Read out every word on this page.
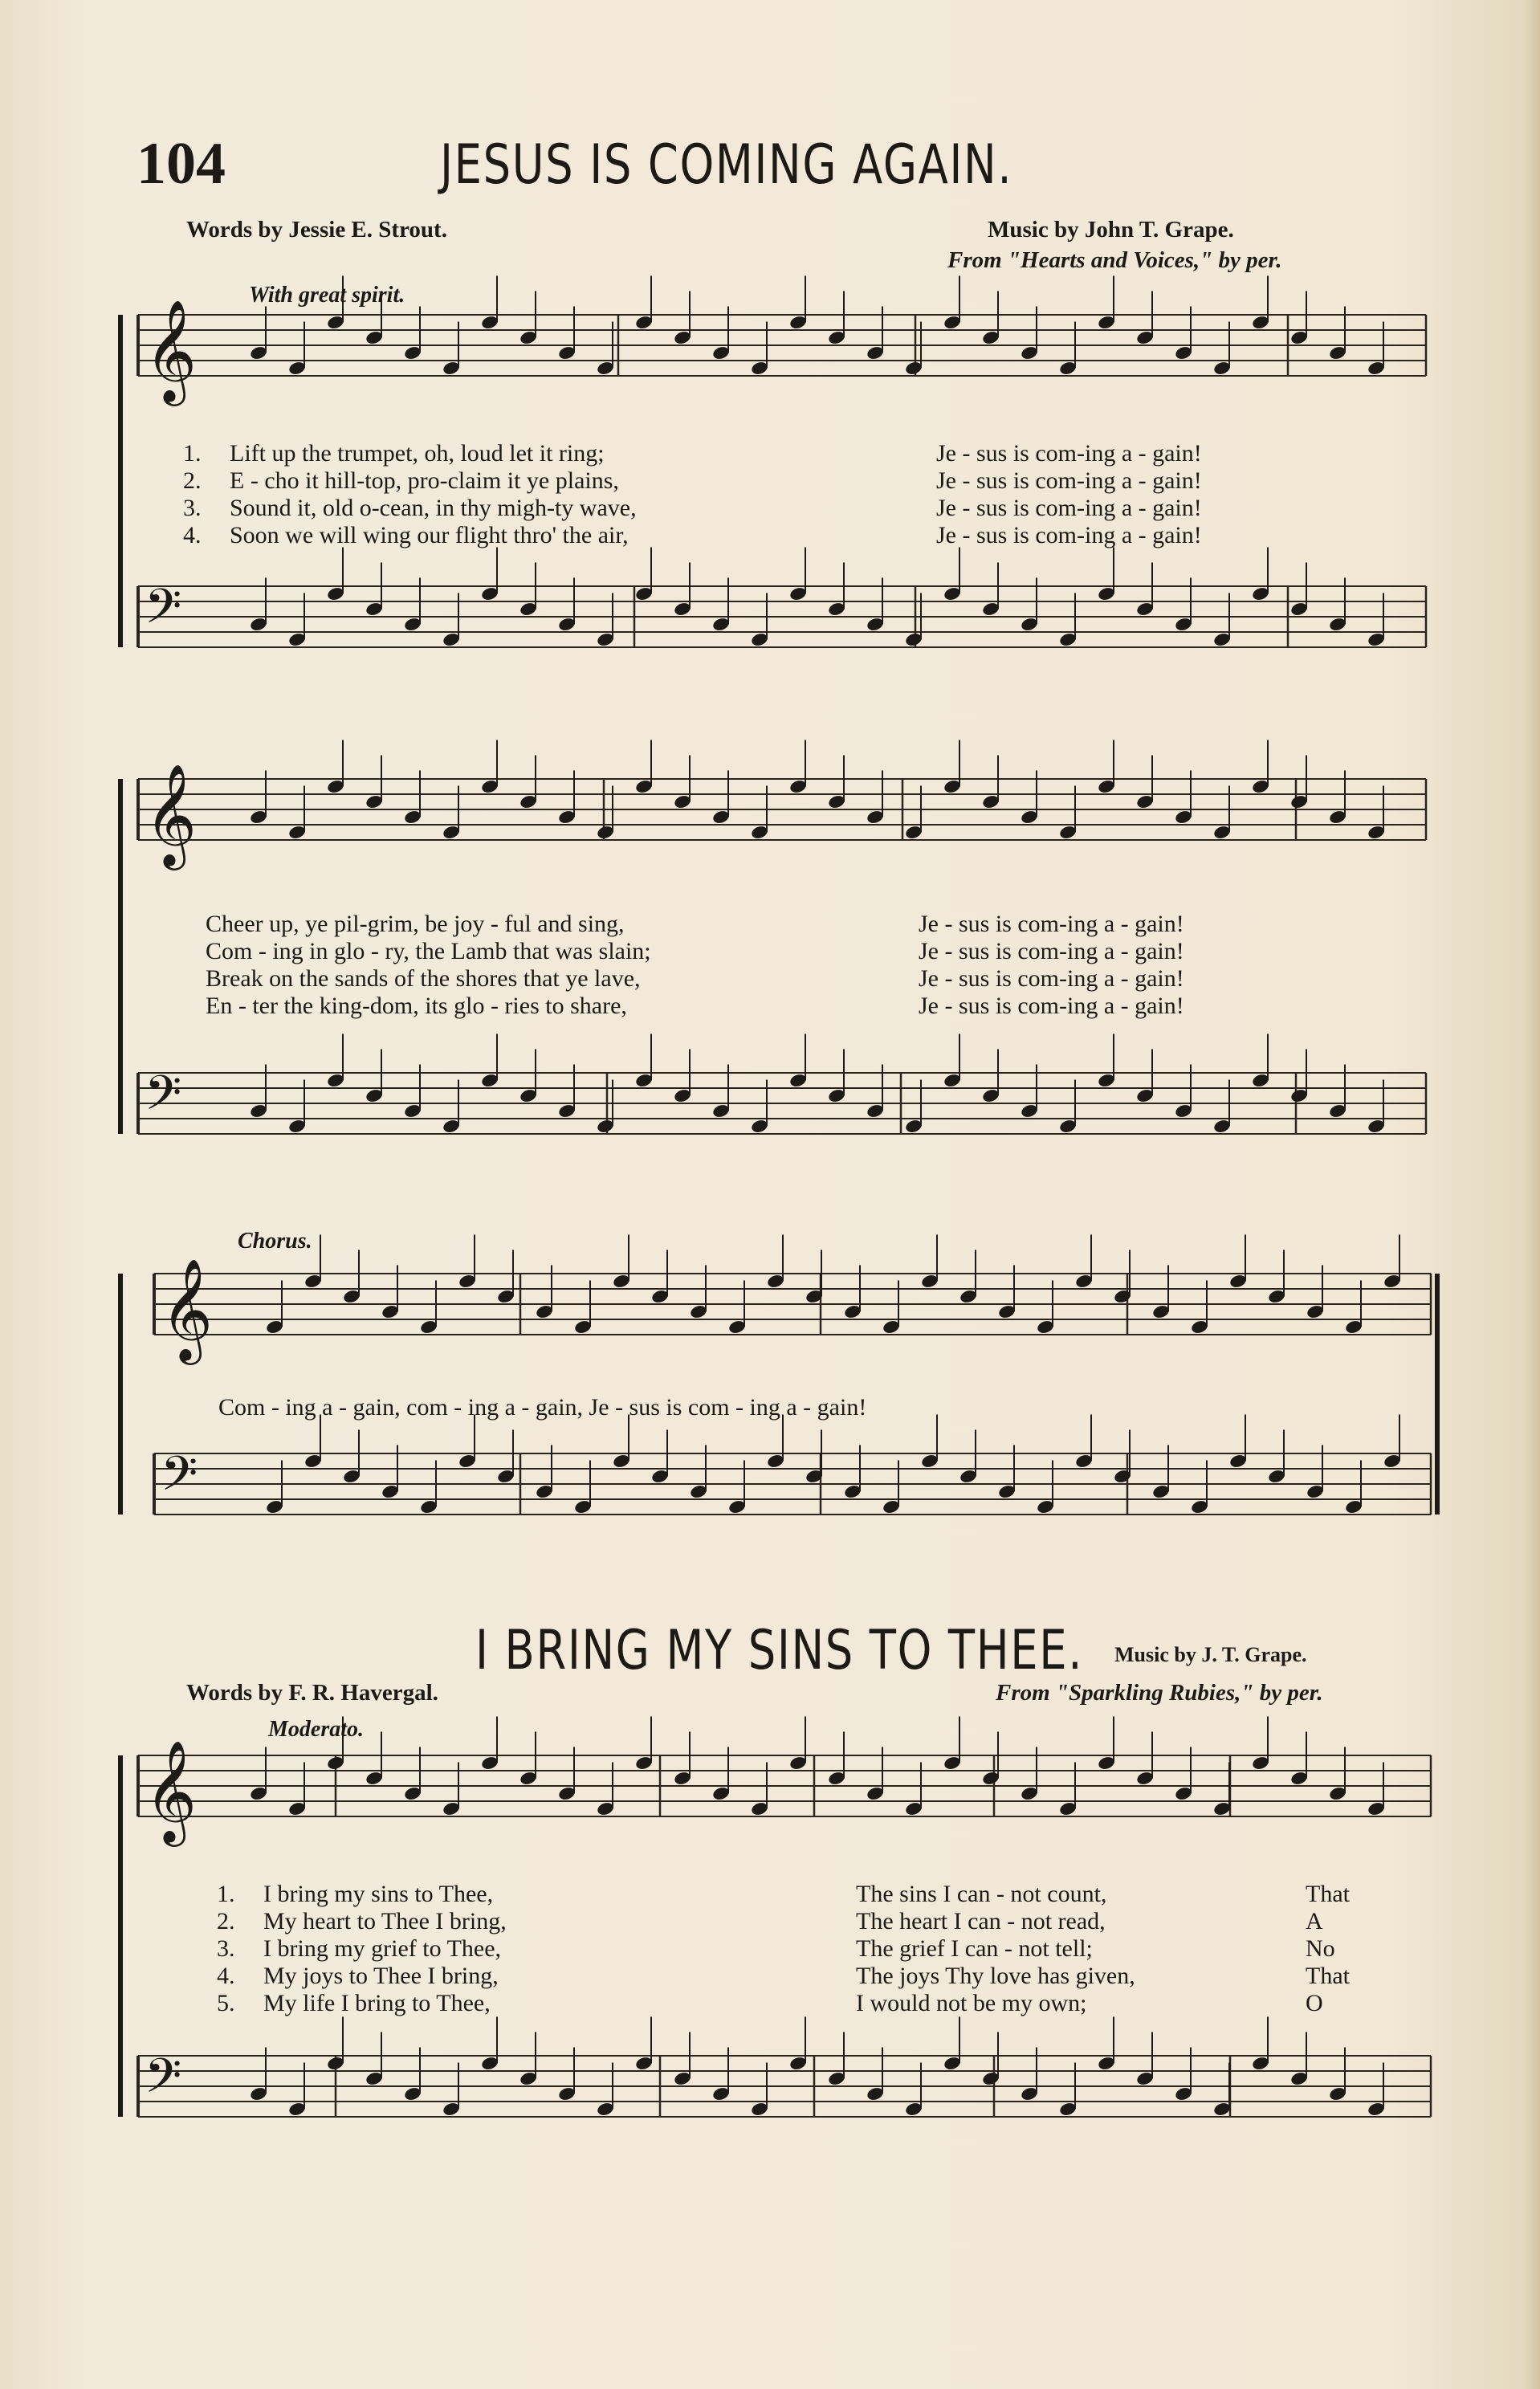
104	JESUS IS COMING AGAIN.
Words by Jessie E. Strout.	Music by John T. Grape.
From "Hearts and Voices," by per.
With great spirit.
𝄞
𝄢
𝄞
𝄢
𝄞
𝄢
𝄞
𝄢
1.	Lift up the trumpet, oh, loud let it ring;	Je - sus is com-ing a - gain!
2.	E - cho it hill-top, pro-claim it ye plains,	Je - sus is com-ing a - gain!
3.	Sound it, old o-cean, in thy migh-ty wave,	Je - sus is com-ing a - gain!
4.	Soon we will wing our flight thro' the air,	Je - sus is com-ing a - gain!
Cheer up, ye pil-grim, be joy - ful and sing,	Je - sus is com-ing a - gain!
Com - ing in glo - ry, the Lamb that was slain;	Je - sus is com-ing a - gain!
Break on the sands of the shores that ye lave,	Je - sus is com-ing a - gain!
En - ter the king-dom, its glo - ries to share,	Je - sus is com-ing a - gain!
Chorus.
Com - ing a - gain, com - ing a - gain, Je - sus is com - ing a - gain!
I BRING MY SINS TO THEE. Music by J. T. Grape.
Words by F. R. Havergal.	From "Sparkling Rubies," by per.
Moderato.
1.	I bring my sins to Thee,	The sins I can - not count,	That
2.	My heart to Thee I bring,	The heart I can - not read,	A
3.	I bring my grief to Thee,	The grief I can - not tell;	No
4.	My joys to Thee I bring,	The joys Thy love has given,	That
5.	My life I bring to Thee,	I would not be my own;	O
